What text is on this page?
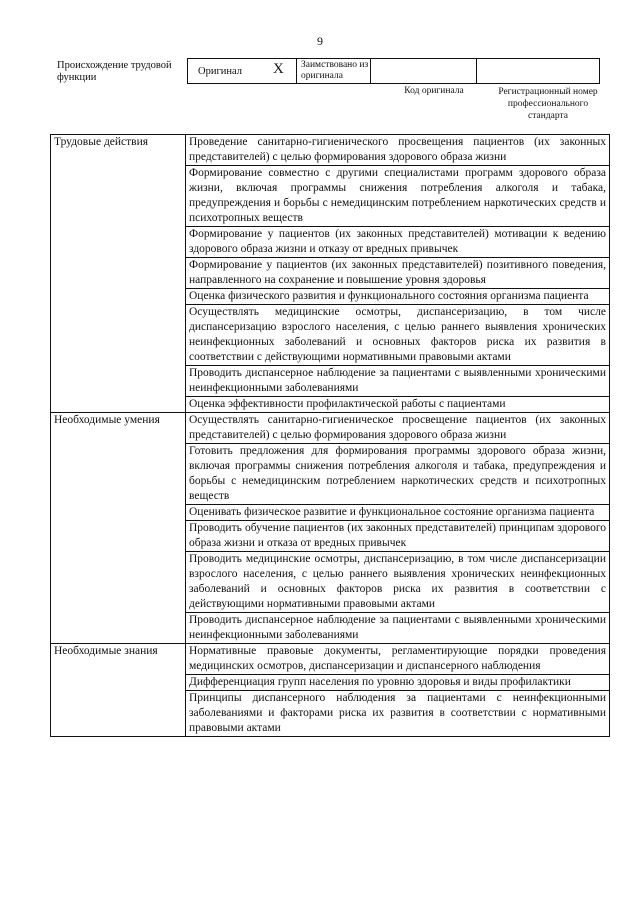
9
Происхождение трудовой функции
Оригинал X Заимствовано из оригинала
Код оригинала	Регистрационный номер профессионального стандарта
Трудовые действия	Проведение санитарно-гигиенического просвещения пациентов (их законных представителей) с целью формирования здорового образа жизни
	Формирование совместно с другими специалистами программ здорового образа жизни, включая программы снижения потребления алкоголя и табака, предупреждения и борьбы с немедицинским потреблением наркотических средств и психотропных веществ
	Формирование у пациентов (их законных представителей) мотивации к ведению здорового образа жизни и отказу от вредных привычек
	Формирование у пациентов (их законных представителей) позитивного поведения, направленного на сохранение и повышение уровня здоровья
	Оценка физического развития и функционального состояния организма пациента
	Осуществлять медицинские осмотры, диспансеризацию, в том числе диспансеризацию взрослого населения, с целью раннего выявления хронических неинфекционных заболеваний и основных факторов риска их развития в соответствии с действующими нормативными правовыми актами
	Проводить диспансерное наблюдение за пациентами с выявленными хроническими неинфекционными заболеваниями
	Оценка эффективности профилактической работы с пациентами
Необходимые умения	Осуществлять санитарно-гигиеническое просвещение пациентов (их законных представителей) с целью формирования здорового образа жизни
	Готовить предложения для формирования программы здорового образа жизни, включая программы снижения потребления алкоголя и табака, предупреждения и борьбы с немедицинским потреблением наркотических средств и психотропных веществ
	Оценивать физическое развитие и функциональное состояние организма пациента
	Проводить обучение пациентов (их законных представителей) принципам здорового образа жизни и отказа от вредных привычек
	Проводить медицинские осмотры, диспансеризацию, в том числе диспансеризации взрослого населения, с целью раннего выявления хронических неинфекционных заболеваний и основных факторов риска их развития в соответствии с действующими нормативными правовыми актами
	Проводить диспансерное наблюдение за пациентами с выявленными хроническими неинфекционными заболеваниями
Необходимые знания	Нормативные правовые документы, регламентирующие порядки проведения медицинских осмотров, диспансеризации и диспансерного наблюдения
	Дифференциация групп населения по уровню здоровья и виды профилактики
	Принципы диспансерного наблюдения за пациентами с неинфекционными заболеваниями и факторами риска их развития в соответствии с нормативными правовыми актами
